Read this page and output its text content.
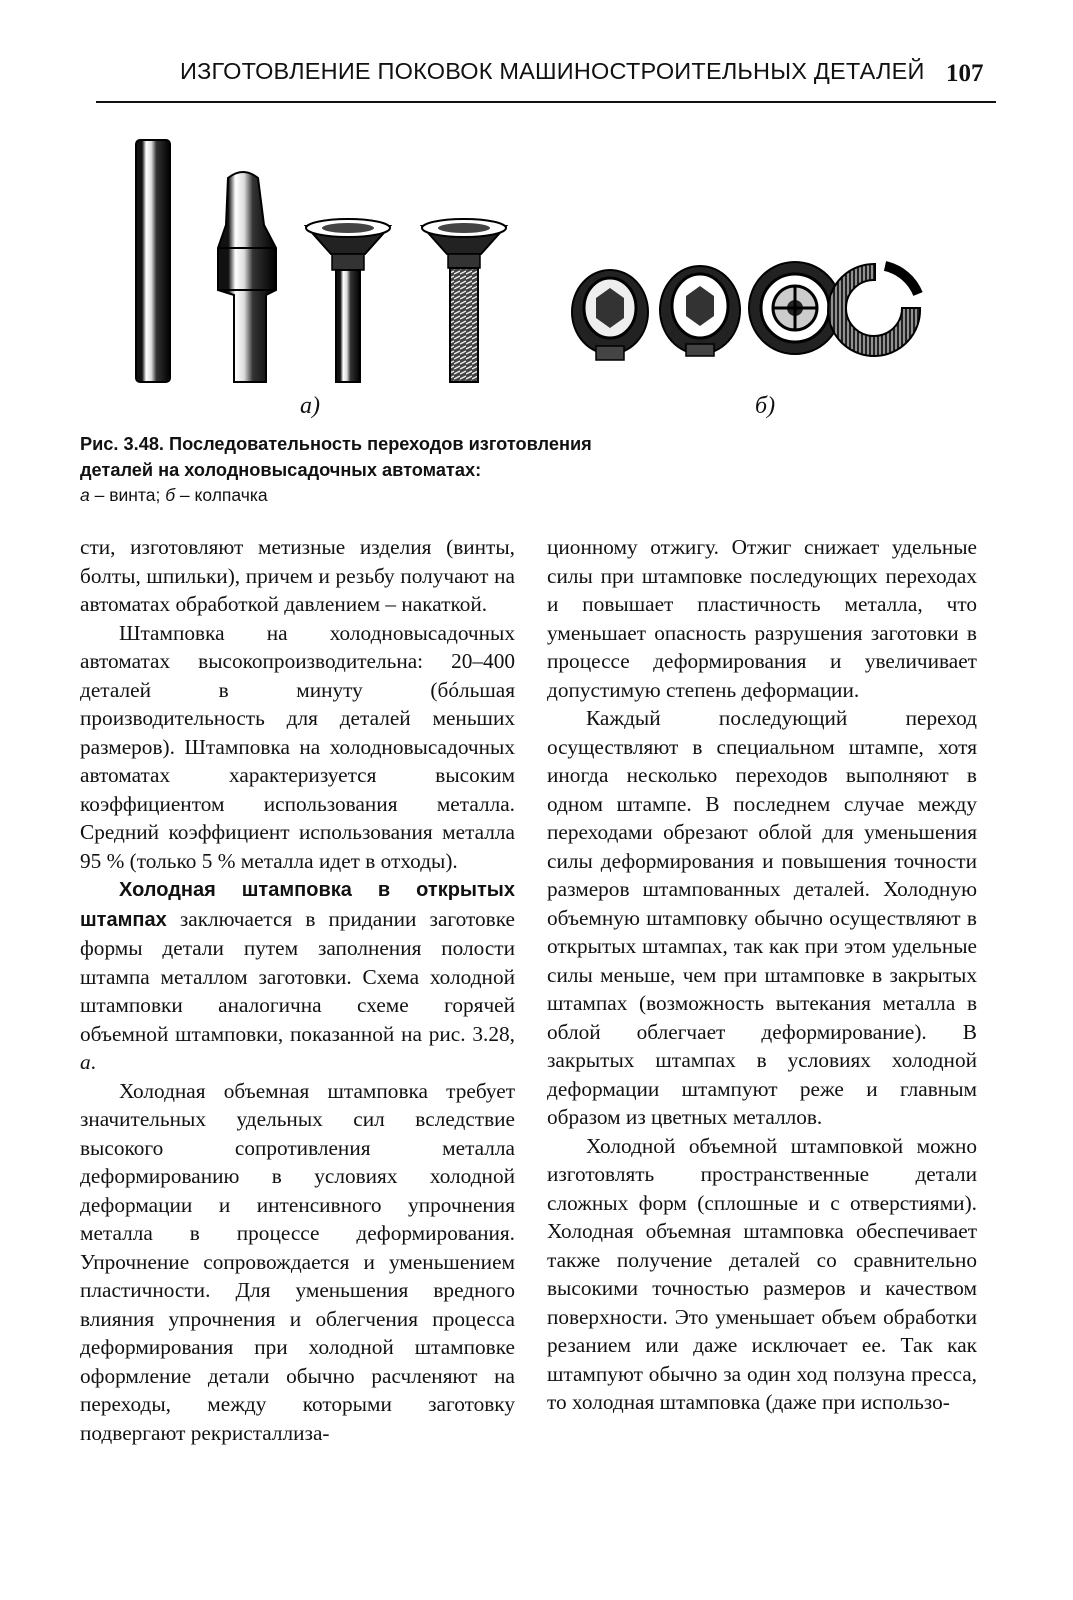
ИЗГОТОВЛЕНИЕ ПОКОВОК МАШИНОСТРОИТЕЛЬНЫХ ДЕТАЛЕЙ 107
а)	б)
Рис. 3.48. Последовательность переходов изготовления деталей на холодновысадочных автоматах:
а – винта; б – колпачка

сти, изготовляют метизные изделия (винты, болты, шпильки), причем и резьбу получают на автоматах обработкой давлением – накаткой.

Штамповка на холодновысадочных автоматах высокопроизводительна: 20–400 деталей в минуту (бóльшая производительность для деталей меньших размеров). Штамповка на холодновысадочных автоматах характеризуется высоким коэффициентом использования металла. Средний коэффициент использования металла 95 % (только 5 % металла идет в отходы).

Холодная штамповка в открытых штампах заключается в придании заготовке формы детали путем заполнения полости штампа металлом заготовки. Схема холодной штамповки аналогична схеме горячей объемной штамповки, показанной на рис. 3.28, а.

Холодная объемная штамповка требует значительных удельных сил вследствие высокого сопротивления металла деформированию в условиях холодной деформации и интенсивного упрочнения металла в процессе деформирования. Упрочнение сопровождается и уменьшением пластичности. Для уменьшения вредного влияния упрочнения и облегчения процесса деформирования при холодной штамповке оформление детали обычно расчленяют на переходы, между которыми заготовку подвергают рекристаллиза-

ционному отжигу. Отжиг снижает удельные силы при штамповке последующих переходах и повышает пластичность металла, что уменьшает опасность разрушения заготовки в процессе деформирования и увеличивает допустимую степень деформации.

Каждый последующий переход осуществляют в специальном штампе, хотя иногда несколько переходов выполняют в одном штампе. В последнем случае между переходами обрезают облой для уменьшения силы деформирования и повышения точности размеров штампованных деталей. Холодную объемную штамповку обычно осуществляют в открытых штампах, так как при этом удельные силы меньше, чем при штамповке в закрытых штампах (возможность вытекания металла в облой облегчает деформирование). В закрытых штампах в условиях холодной деформации штампуют реже и главным образом из цветных металлов.

Холодной объемной штамповкой можно изготовлять пространственные детали сложных форм (сплошные и с отверстиями). Холодная объемная штамповка обеспечивает также получение деталей со сравнительно высокими точностью размеров и качеством поверхности. Это уменьшает объем обработки резанием или даже исключает ее. Так как штампуют обычно за один ход ползуна пресса, то холодная штамповка (даже при использо-
